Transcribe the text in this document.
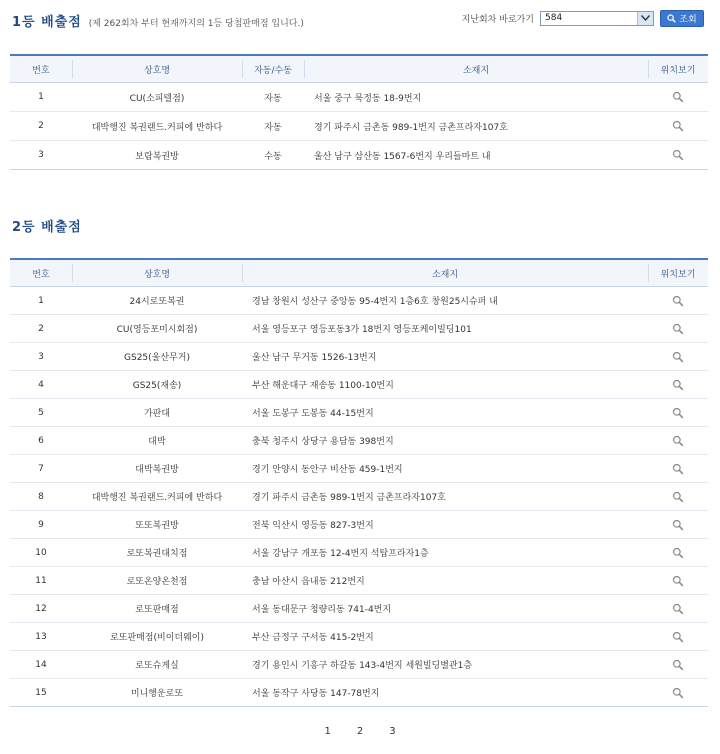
1등 배출점 (제 262회차 부터 현재까지의 1등 당첨판매점 입니다.)	지난회차 바로가기	584	조회
번호	상호명	자동/수동	소재지	위치보기
1	CU(소피텔점)	자동	서울 중구 묵정동 18-9번지
2	대박행진 복권랜드.커피에 반하다	자동	경기 파주시 금촌동 989-1번지 금촌프라자107호
3	보람복권방	수동	울산 남구 삼산동 1567-6번지 우리들마트 내
2등 배출점
번호	상호명	소재지	위치보기
1	24시로또복권	경남 창원시 성산구 중앙동 95-4번지 1층6호 창원25시슈퍼 내
2	CU(영등포미시회점)	서울 영등포구 영등포동3가 18번지 영등포케이빌딩101
3	GS25(울산무거)	울산 남구 무거동 1526-13번지
4	GS25(재송)	부산 해운대구 재송동 1100-10번지
5	가판대	서울 도봉구 도봉동 44-15번지
6	대박	충북 청주시 상당구 용담동 398번지
7	대박복권방	경기 안양시 동안구 비산동 459-1번지
8	대박행진 복권랜드.커피에 반하다	경기 파주시 금촌동 989-1번지 금촌프라자107호
9	또또복권방	전북 익산시 영등동 827-3번지
10	로또복권대치점	서울 강남구 개포동 12-4번지 석탑프라자1층
11	로또온양온천점	충남 아산시 읍내동 212번지
12	로또판매점	서울 동대문구 청량리동 741-4번지
13	로또판매점(비이더웨이)	부산 금정구 구서동 415-2번지
14	로또슈게실	경기 용인시 기흥구 하갈동 143-4번지 세원빌딩별관1층
15	미니행운로또	서울 동작구 사당동 147-78번지
1	2	3
